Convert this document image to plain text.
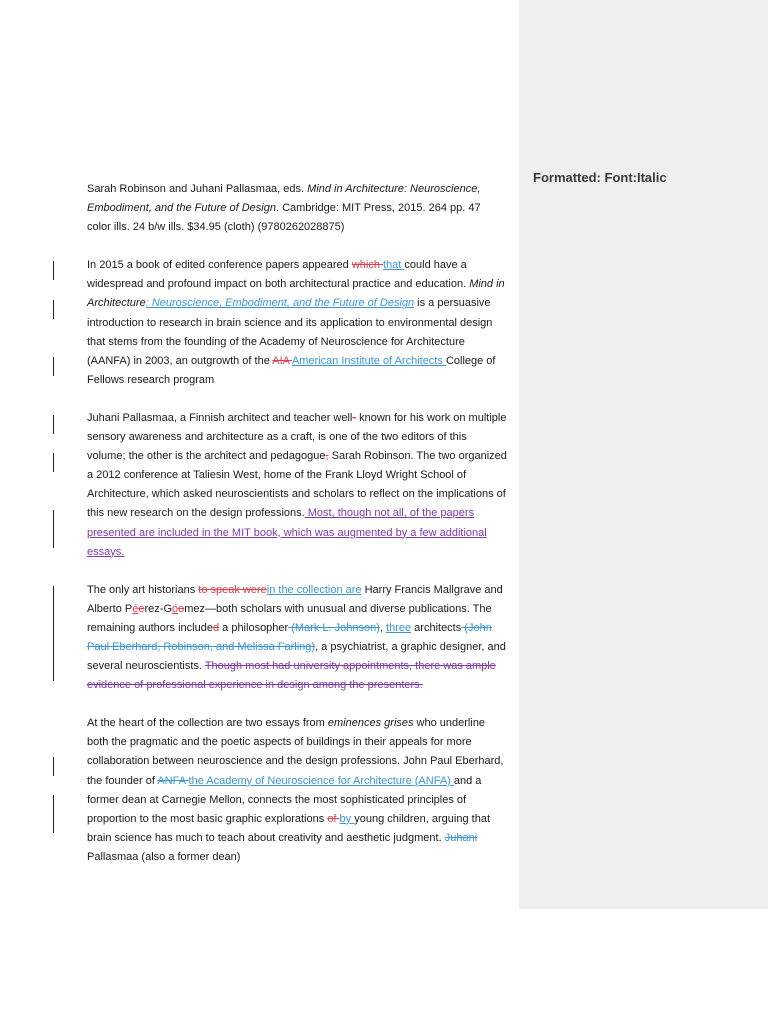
Sarah Robinson and Juhani Pallasmaa, eds. Mind in Architecture: Neuroscience, Embodiment, and the Future of Design. Cambridge: MIT Press, 2015. 264 pp. 47 color ills. 24 b/w ills. $34.95 (cloth) (9780262028875)

In 2015 a book of edited conference papers appeared which that could have a widespread and profound impact on both architectural practice and education. Mind in Architecture: Neuroscience, Embodiment, and the Future of Design is a persuasive introduction to research in brain science and its application to environmental design that stems from the founding of the Academy of Neuroscience for Architecture (AANFA) in 2003, an outgrowth of the AIA American Institute of Architects College of Fellows research program

Juhani Pallasmaa, a Finnish architect and teacher well- known for his work on multiple sensory awareness and architecture as a craft, is one of the two editors of this volume; the other is the architect and pedagogue, Sarah Robinson. The two organized a 2012 conference at Taliesin West, home of the Frank Lloyd Wright School of Architecture, which asked neuroscientists and scholars to reflect on the implications of this new research on the design professions. Most, though not all, of the papers presented are included in the MIT book, which was augmented by a few additional essays.

The only art historians to speak werein the collection are Harry Francis Mallgrave and Alberto Péerez-Góomez—both scholars with unusual and diverse publications. The remaining authors included a philosopher (Mark L. Johnson), three architects (John Paul Eberhard, Robinson, and Melissa Farling), a psychiatrist, a graphic designer, and several neuroscientists. Though most had university appointments, there was ample evidence of professional experience in design among the presenters.

At the heart of the collection are two essays from eminences grises who underline both the pragmatic and the poetic aspects of buildings in their appeals for more collaboration between neuroscience and the design professions. John Paul Eberhard, the founder of ANFA the Academy of Neuroscience for Architecture (ANFA) and a former dean at Carnegie Mellon, connects the most sophisticated principles of proportion to the most basic graphic explorations of by young children, arguing that brain science has much to teach about creativity and aesthetic judgment. Juhani Pallasmaa (also a former dean)

Formatted: Font:Italic
